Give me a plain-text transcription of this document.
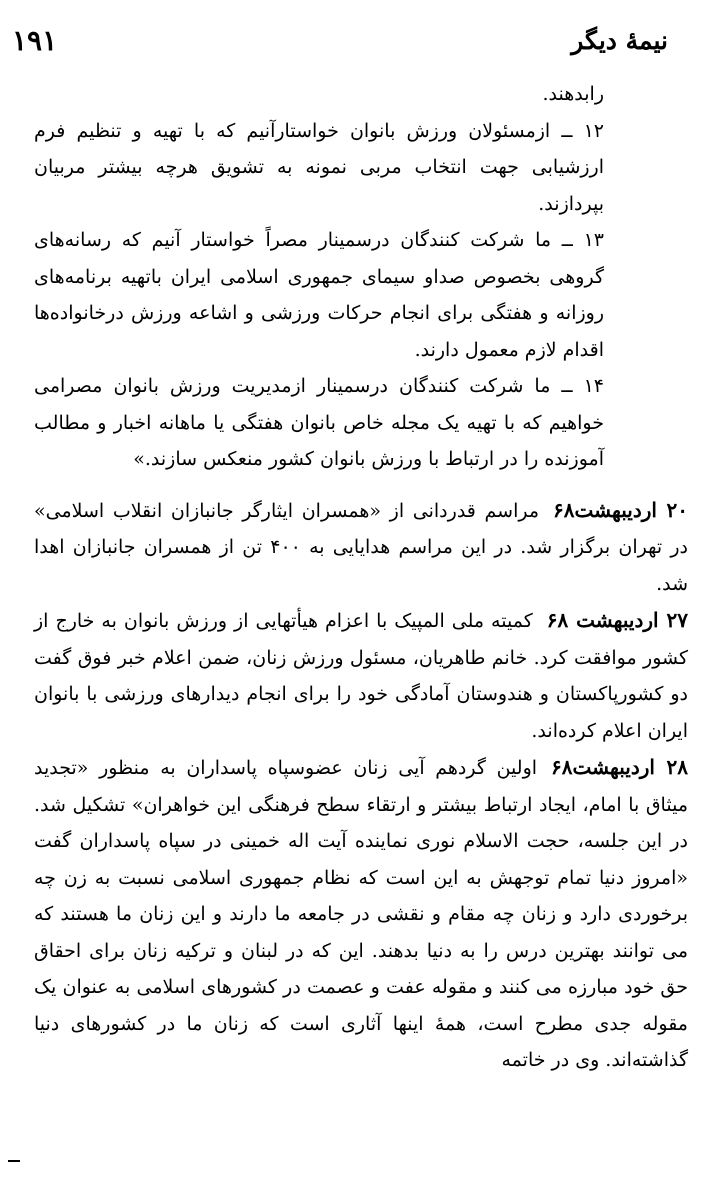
نیمهٔ دیگر
۱۹۱
رابدهند.
۱۲ ــ ازمسئولان ورزش بانوان خواستارآنیم که با تهیه و تنظیم فرم ارزشیابی جهت انتخاب مربی نمونه به تشویق هرچه بیشتر مربیان بپردازند.
۱۳ ــ ما شرکت کنندگان درسمینار مصراً خواستار آنیم که رسانه‌های گروهی بخصوص صداو سیمای جمهوری اسلامی ایران باتهیه برنامه‌های روزانه و هفتگی برای انجام حرکات ورزشی و اشاعه ورزش درخانواده‌ها اقدام لازم معمول دارند.
۱۴ ــ ما شرکت کنندگان درسمینار ازمدیریت ورزش بانوان مصرامی خواهیم که با تهیه یک مجله خاص بانوان هفتگی یا ماهانه اخبار و مطالب آموزنده را در ارتباط با ورزش بانوان کشور منعکس سازند.»
۲۰ اردیبهشت۶۸مراسم قدردانی از «همسران ایثارگر جانبازان انقلاب اسلامی» در تهران برگزار شد. در این مراسم هدایایی به ۴۰۰ تن از همسران جانبازان اهدا شد.
۲۷ اردیبهشت ۶۸کمیته ملی المپیک با اعزام هیأتهایی از ورزش بانوان به خارج از کشور موافقت کرد. خانم طاهریان، مسئول ورزش زنان، ضمن اعلام خبر فوق گفت دو کشورپاکستان و هندوستان آمادگی خود را برای انجام دیدارهای ورزشی با بانوان ایران اعلام کرده‌اند.
۲۸ اردیبهشت۶۸اولین گردهم آیی زنان عضوسپاه پاسداران به منظور «تجدید میثاق با امام، ایجاد ارتباط بیشتر و ارتقاء سطح فرهنگی این خواهران» تشکیل شد. در این جلسه، حجت الاسلام نوری نماینده آیت اله خمینی در سپاه پاسداران گفت «امروز دنیا تمام توجهش به این است که نظام جمهوری اسلامی نسبت به زن چه برخوردی دارد و زنان چه مقام و نقشی در جامعه ما دارند و این زنان ما هستند که می توانند بهترین درس را به دنیا بدهند. این که در لبنان و ترکیه زنان برای احقاق حق خود مبارزه می کنند و مقوله عفت و عصمت در کشورهای اسلامی به عنوان یک مقوله جدی مطرح است، همهٔ اینها آثاری است که زنان ما در کشورهای دنیا گذاشته‌اند. وی در خاتمه
